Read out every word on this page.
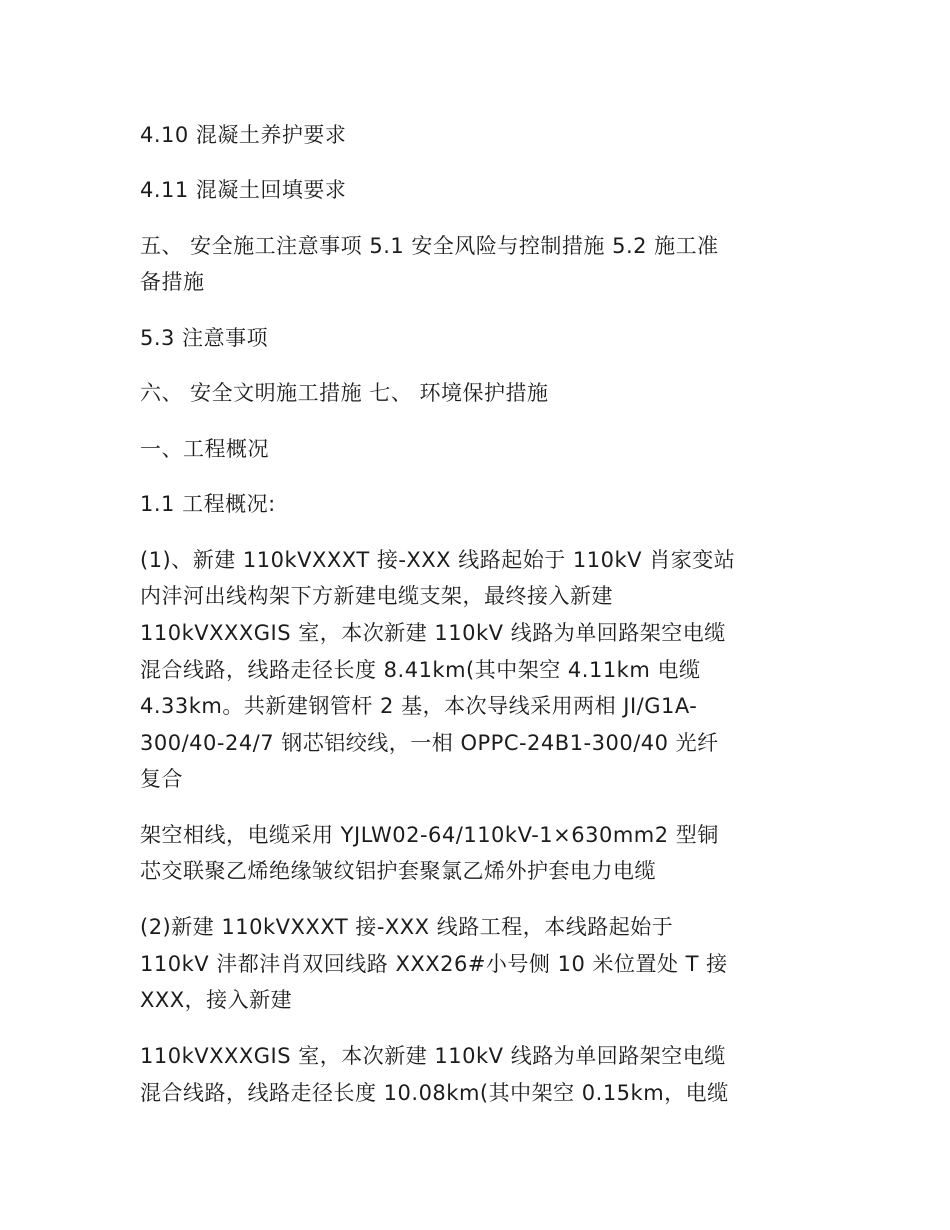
4.10 混凝土养护要求
4.11 混凝土回填要求
五、 安全施工注意事项 5.1 安全风险与控制措施 5.2 施工准
备措施
5.3 注意事项
六、 安全文明施工措施 七、 环境保护措施
一、工程概况
1.1 工程概况:
(1)、新建 110kVXXXT 接-XXX 线路起始于 110kV 肖家变站
内沣河出线构架下方新建电缆支架，最终接入新建
110kVXXXGIS 室，本次新建 110kV 线路为单回路架空电缆
混合线路，线路走径长度 8.41km(其中架空 4.11km 电缆
4.33km。共新建钢管杆 2 基，本次导线采用两相 JI/G1A-
300/40-24/7 钢芯铝绞线，一相 OPPC-24B1-300/40 光纤
复合
架空相线，电缆采用 YJLW02-64/110kV-1×630mm2 型铜
芯交联聚乙烯绝缘皱纹铝护套聚氯乙烯外护套电力电缆
(2)新建 110kVXXXT 接-XXX 线路工程，本线路起始于
110kV 沣都沣肖双回线路 XXX26#小号侧 10 米位置处 T 接
XXX，接入新建
110kVXXXGIS 室，本次新建 110kV 线路为单回路架空电缆
混合线路，线路走径长度 10.08km(其中架空 0.15km，电缆
